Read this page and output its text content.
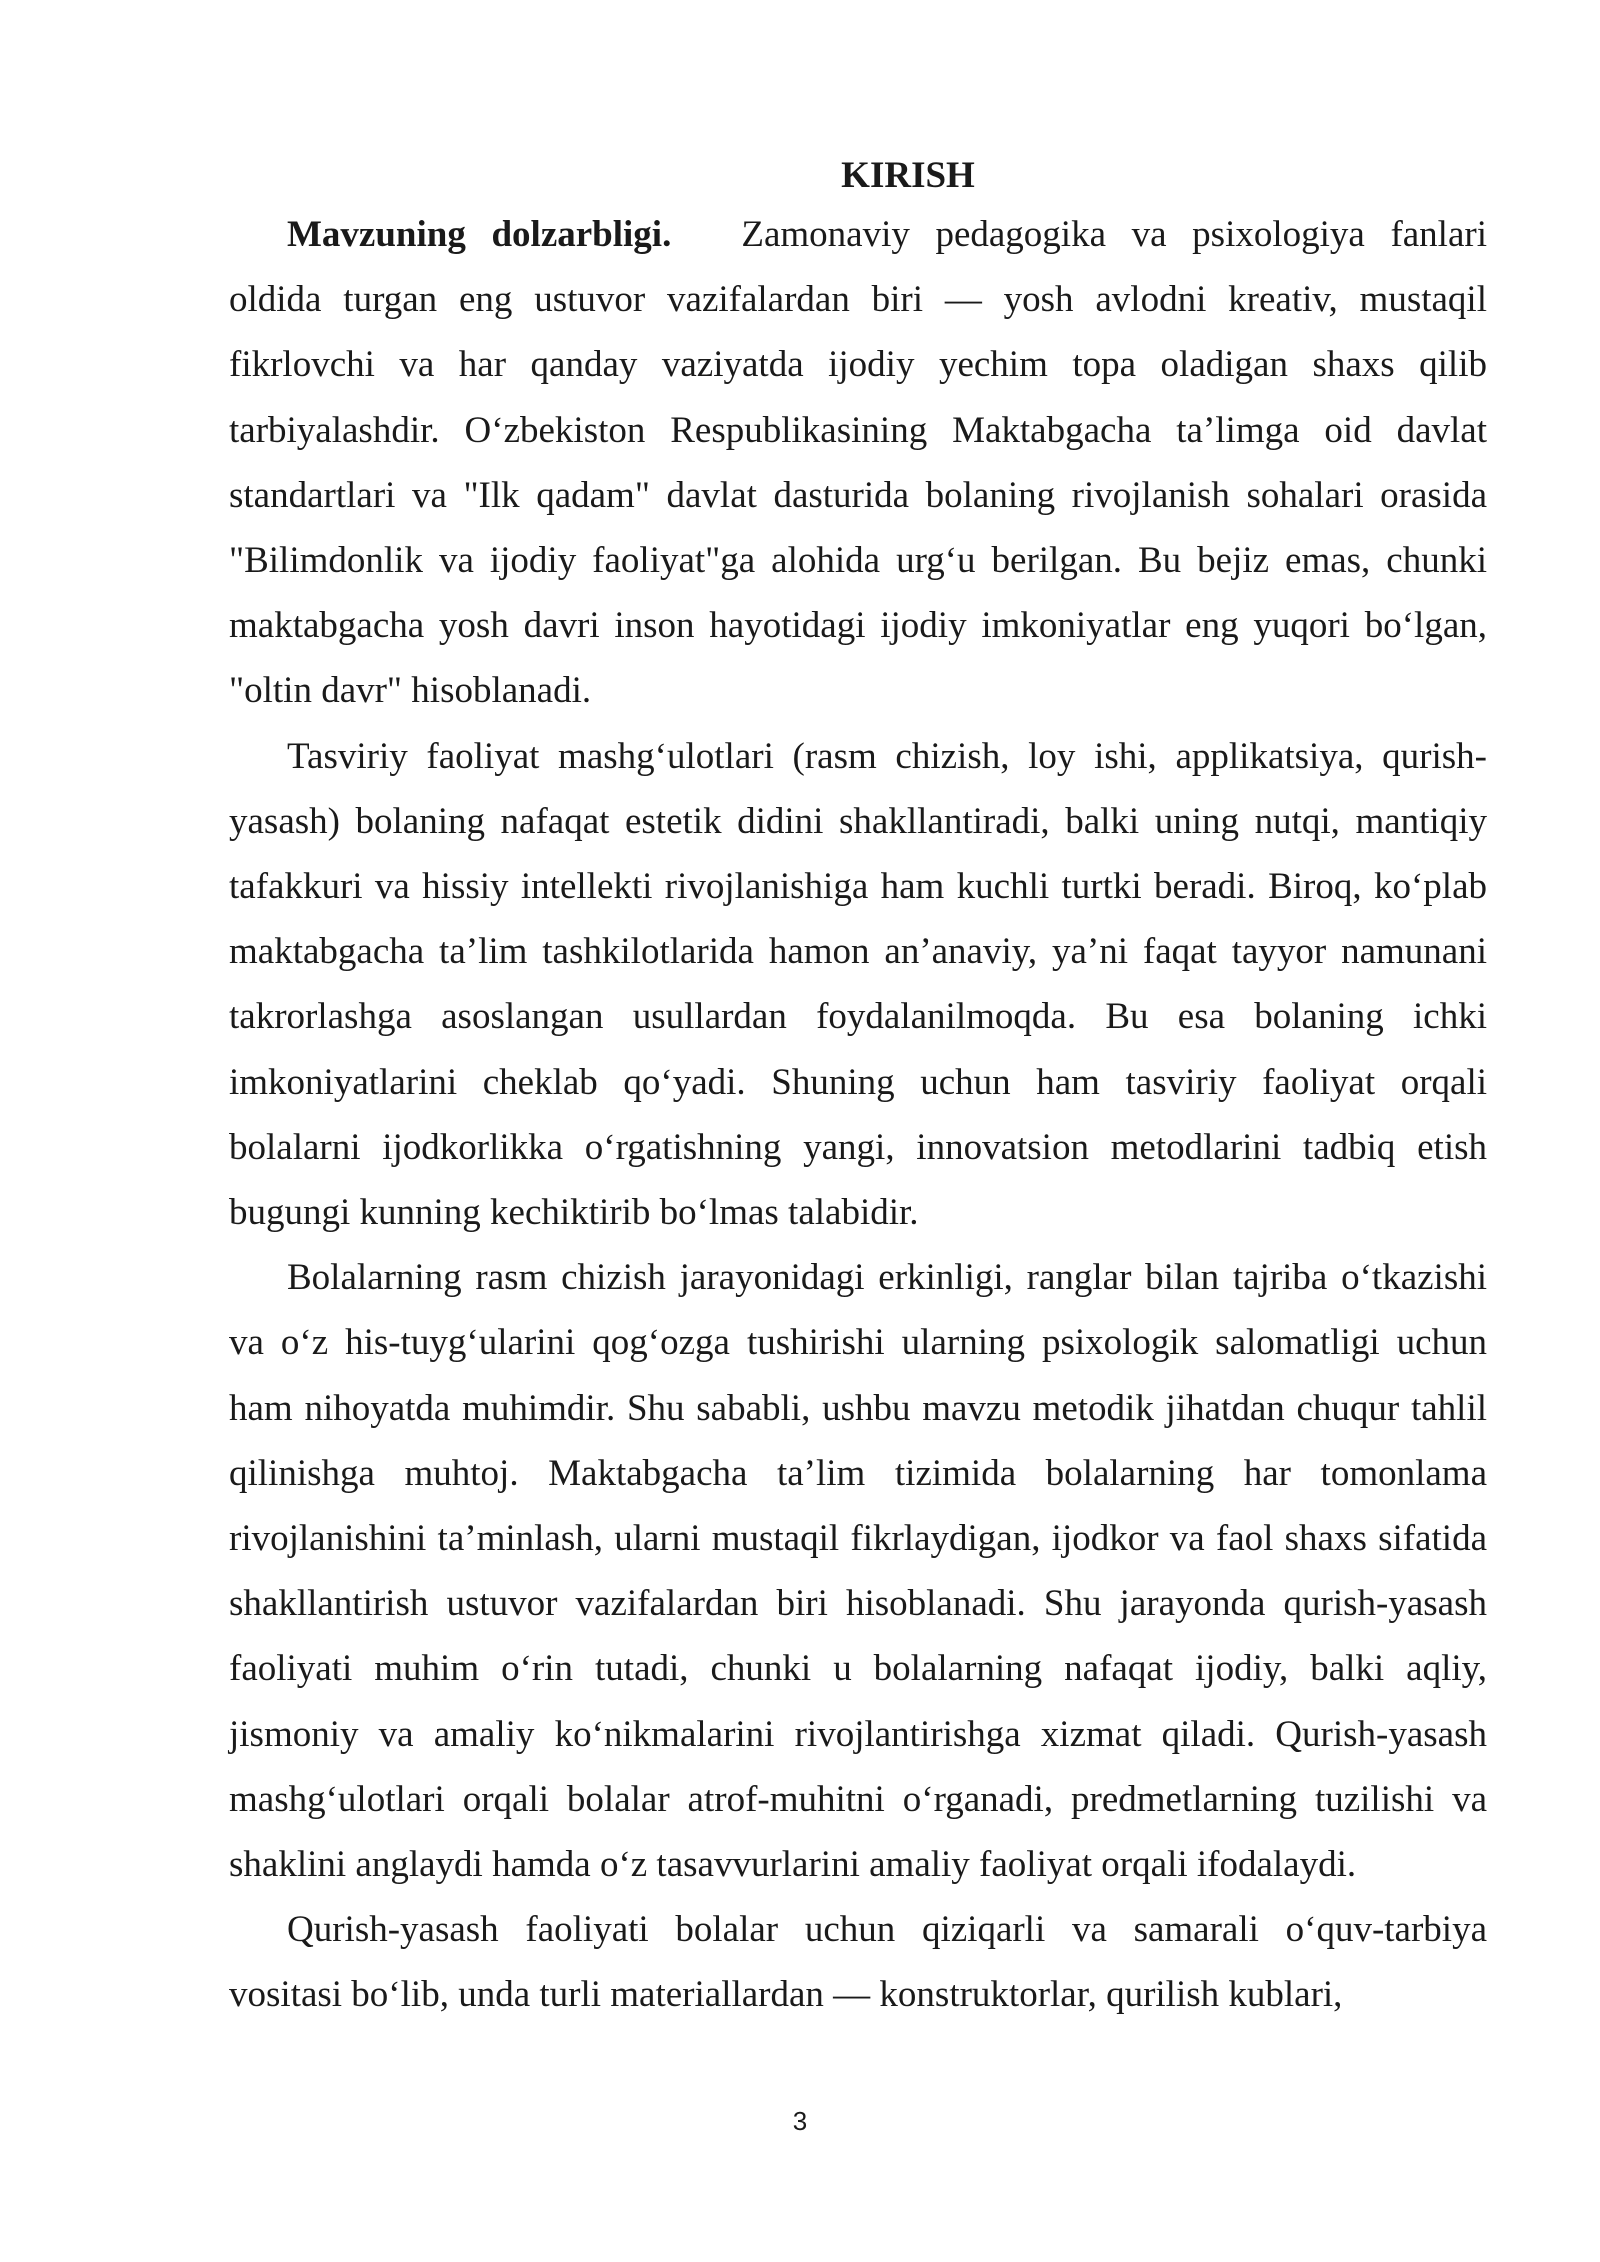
KIRISH

Mavzuning dolzarbligi. Zamonaviy pedagogika va psixologiya fanlari oldida turgan eng ustuvor vazifalardan biri — yosh avlodni kreativ, mustaqil fikrlovchi va har qanday vaziyatda ijodiy yechim topa oladigan shaxs qilib tarbiyalashdir. O‘zbekiston Respublikasining Maktabgacha ta’limga oid davlat standartlari va "Ilk qadam" davlat dasturida bolaning rivojlanish sohalari orasida "Bilimdonlik va ijodiy faoliyat"ga alohida urg‘u berilgan. Bu bejiz emas, chunki maktabgacha yosh davri inson hayotidagi ijodiy imkoniyatlar eng yuqori bo‘lgan, "oltin davr" hisoblanadi.

Tasviriy faoliyat mashg‘ulotlari (rasm chizish, loy ishi, applikatsiya, qurish-yasash) bolaning nafaqat estetik didini shakllantiradi, balki uning nutqi, mantiqiy tafakkuri va hissiy intellekti rivojlanishiga ham kuchli turtki beradi. Biroq, ko‘plab maktabgacha ta’lim tashkilotlarida hamon an’anaviy, ya’ni faqat tayyor namunani takrorlashga asoslangan usullardan foydalanilmoqda. Bu esa bolaning ichki imkoniyatlarini cheklab qo‘yadi. Shuning uchun ham tasviriy faoliyat orqali bolalarni ijodkorlikka o‘rgatishning yangi, innovatsion metodlarini tadbiq etish bugungi kunning kechiktirib bo‘lmas talabidir.

Bolalarning rasm chizish jarayonidagi erkinligi, ranglar bilan tajriba o‘tkazishi va o‘z his-tuyg‘ularini qog‘ozga tushirishi ularning psixologik salomatligi uchun ham nihoyatda muhimdir. Shu sababli, ushbu mavzu metodik jihatdan chuqur tahlil qilinishga muhtoj. Maktabgacha ta’lim tizimida bolalarning har tomonlama rivojlanishini ta’minlash, ularni mustaqil fikrlaydigan, ijodkor va faol shaxs sifatida shakllantirish ustuvor vazifalardan biri hisoblanadi. Shu jarayonda qurish-yasash faoliyati muhim o‘rin tutadi, chunki u bolalarning nafaqat ijodiy, balki aqliy, jismoniy va amaliy ko‘nikmalarini rivojlantirishga xizmat qiladi. Qurish-yasash mashg‘ulotlari orqali bolalar atrof-muhitni o‘rganadi, predmetlarning tuzilishi va shaklini anglaydi hamda o‘z tasavvurlarini amaliy faoliyat orqali ifodalaydi.

Qurish-yasash faoliyati bolalar uchun qiziqarli va samarali o‘quv-tarbiya vositasi bo‘lib, unda turli materiallardan — konstruktorlar, qurilish kublari,

3
